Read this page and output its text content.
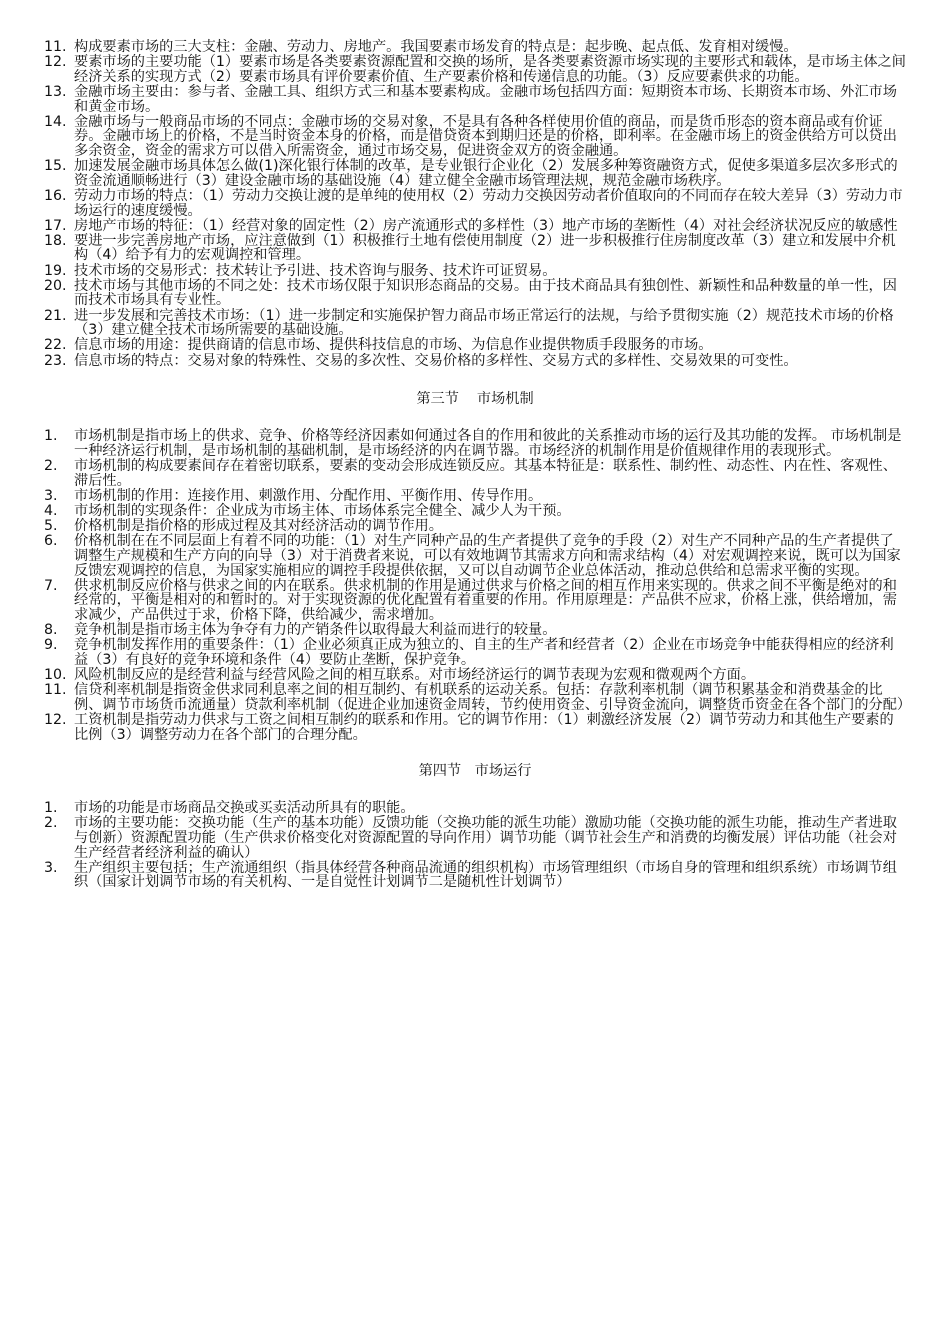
11. 构成要素市场的三大支柱：金融、劳动力、房地产。我国要素市场发育的特点是：起步晚、起点低、发育相对缓慢。
12. 要素市场的主要功能（1）要素市场是各类要素资源配置和交换的场所，是各类要素资源市场实现的主要形式和载体，是市场主体之间经济关系的实现方式（2）要素市场具有评价要素价值、生产要素价格和传递信息的功能。（3）反应要素供求的功能。
13. 金融市场主要由：参与者、金融工具、组织方式三和基本要素构成。金融市场包括四方面：短期资本市场、长期资本市场、外汇市场和黄金市场。
14. 金融市场与一般商品市场的不同点：金融市场的交易对象，不是具有各种各样使用价值的商品，而是货币形态的资本商品或有价证券。金融市场上的价格，不是当时资金本身的价格，而是借贷资本到期归还是的价格，即利率。在金融市场上的资金供给方可以贷出多余资金，资金的需求方可以借入所需资金，通过市场交易，促进资金双方的资金融通。
15. 加速发展金融市场具体怎么做(1)深化银行体制的改革，是专业银行企业化（2）发展多种筹资融资方式，促使多渠道多层次多形式的资金流通顺畅进行（3）建设金融市场的基础设施（4）建立健全金融市场管理法规，规范金融市场秩序。
16. 劳动力市场的特点：（1）劳动力交换让渡的是单纯的使用权（2）劳动力交换因劳动者价值取向的不同而存在较大差异（3）劳动力市场运行的速度缓慢。
17. 房地产市场的特征：（1）经营对象的固定性（2）房产流通形式的多样性（3）地产市场的垄断性（4）对社会经济状况反应的敏感性
18. 要进一步完善房地产市场，应注意做到（1）积极推行土地有偿使用制度（2）进一步积极推行住房制度改革（3）建立和发展中介机构（4）给予有力的宏观调控和管理。
19. 技术市场的交易形式：技术转让予引进、技术咨询与服务、技术许可证贸易。
20. 技术市场与其他市场的不同之处：技术市场仅限于知识形态商品的交易。由于技术商品具有独创性、新颖性和品种数量的单一性，因而技术市场具有专业性。
21. 进一步发展和完善技术市场：（1）进一步制定和实施保护智力商品市场正常运行的法规，与给予贯彻实施（2）规范技术市场的价格（3）建立健全技术市场所需要的基础设施。
22. 信息市场的用途：提供商请的信息市场、提供科技信息的市场、为信息作业提供物质手段服务的市场。
23. 信息市场的特点：交易对象的特殊性、交易的多次性、交易价格的多样性、交易方式的多样性、交易效果的可变性。
第三节    市场机制
1.	市场机制是指市场上的供求、竞争、价格等经济因素如何通过各自的作用和彼此的关系推动市场的运行及其功能的发挥。 市场机制是一种经济运行机制，是市场机制的基础机制，是市场经济的内在调节器。市场经济的机制作用是价值规律作用的表现形式。
2.	市场机制的构成要素间存在着密切联系，要素的变动会形成连锁反应。其基本特征是：联系性、制约性、动态性、内在性、客观性、滞后性。
3.	市场机制的作用：连接作用、刺激作用、分配作用、平衡作用、传导作用。
4.	市场机制的实现条件：企业成为市场主体、市场体系完全健全、减少人为干预。
5.	价格机制是指价格的形成过程及其对经济活动的调节作用。
6.	价格机制在在不同层面上有着不同的功能：（1）对生产同种产品的生产者提供了竞争的手段（2）对生产不同种产品的生产者提供了调整生产规模和生产方向的向导（3）对于消费者来说，可以有效地调节其需求方向和需求结构（4）对宏观调控来说，既可以为国家反馈宏观调控的信息，为国家实施相应的调控手段提供依据，又可以自动调节企业总体活动，推动总供给和总需求平衡的实现。
7.	供求机制反应价格与供求之间的内在联系。供求机制的作用是通过供求与价格之间的相互作用来实现的。供求之间不平衡是绝对的和经常的，平衡是相对的和暂时的。对于实现资源的优化配置有着重要的作用。作用原理是：产品供不应求，价格上涨，供给增加，需求减少，产品供过于求，价格下降，供给减少，需求增加。
8.	竞争机制是指市场主体为争夺有力的产销条件以取得最大利益而进行的较量。
9.	竞争机制发挥作用的重要条件：（1）企业必须真正成为独立的、自主的生产者和经营者（2）企业在市场竞争中能获得相应的经济利益（3）有良好的竞争环境和条件（4）要防止垄断，保护竞争。
10. 风险机制反应的是经营利益与经营风险之间的相互联系。对市场经济运行的调节表现为宏观和微观两个方面。
11. 信贷利率机制是指资金供求同利息率之间的相互制约、有机联系的运动关系。包括：存款利率机制（调节积累基金和消费基金的比例、调节市场货币流通量）贷款利率机制（促进企业加速资金周转，节约使用资金、引导资金流向，调整货币资金在各个部门的分配）
12. 工资机制是指劳动力供求与工资之间相互制约的联系和作用。它的调节作用：（1）刺激经济发展（2）调节劳动力和其他生产要素的比例（3）调整劳动力在各个部门的合理分配。
第四节   市场运行
1.	市场的功能是市场商品交换或买卖活动所具有的职能。
2.	市场的主要功能：交换功能（生产的基本功能）反馈功能（交换功能的派生功能）激励功能（交换功能的派生功能，推动生产者进取与创新）资源配置功能（生产供求价格变化对资源配置的导向作用）调节功能（调节社会生产和消费的均衡发展）评估功能（社会对生产经营者经济利益的确认）
3.	生产组织主要包括；生产流通组织（指具体经营各种商品流通的组织机构）市场管理组织（市场自身的管理和组织系统）市场调节组织（国家计划调节市场的有关机构、一是自觉性计划调节二是随机性计划调节）
